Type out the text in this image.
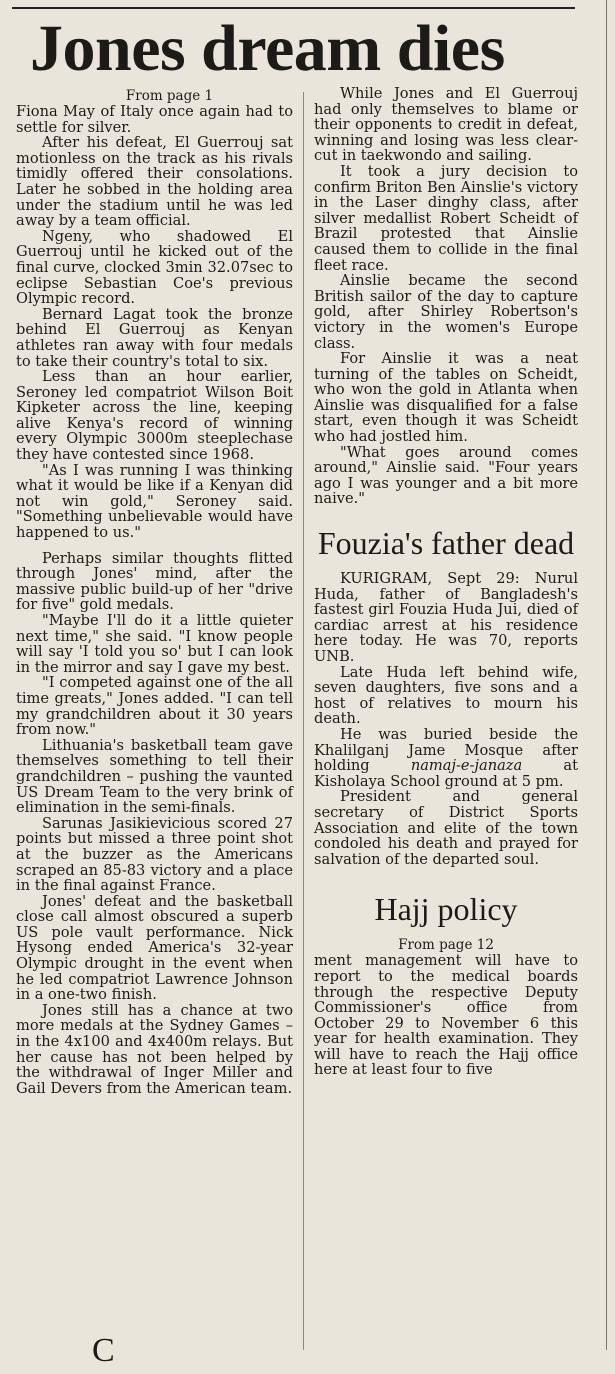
Jones dream dies
From page 1

Fiona May of Italy once again had to settle for silver.

After his defeat, El Guerrouj sat motionless on the track as his rivals timidly offered their consolations. Later he sobbed in the holding area under the stadium until he was led away by a team official.

Ngeny, who shadowed El Guerrouj until he kicked out of the final curve, clocked 3min 32.07sec to eclipse Sebastian Coe's previous Olympic record.

Bernard Lagat took the bronze behind El Guerrouj as Kenyan athletes ran away with four medals to take their country's total to six.

Less than an hour earlier, Seroney led compatriot Wilson Boit Kipketer across the line, keeping alive Kenya's record of winning every Olympic 3000m steeplechase they have contested since 1968.

"As I was running I was thinking what it would be like if a Kenyan did not win gold," Seroney said. "Something unbelievable would have happened to us."

Perhaps similar thoughts flitted through Jones' mind, after the massive public build-up of her "drive for five" gold medals.

"Maybe I'll do it a little quieter next time," she said. "I know people will say 'I told you so' but I can look in the mirror and say I gave my best.

"I competed against one of the all time greats," Jones added. "I can tell my grandchildren about it 30 years from now."

Lithuania's basketball team gave themselves something to tell their grandchildren – pushing the vaunted US Dream Team to the very brink of elimination in the semi-finals.

Sarunas Jasikievicious scored 27 points but missed a three point shot at the buzzer as the Americans scraped an 85-83 victory and a place in the final against France.

Jones' defeat and the basketball close call almost obscured a superb US pole vault performance. Nick Hysong ended America's 32-year Olympic drought in the event when he led compatriot Lawrence Johnson in a one-two finish.

Jones still has a chance at two more medals at the Sydney Games – in the 4x100 and 4x400m relays. But her cause has not been helped by the withdrawal of Inger Miller and Gail Devers from the American team.

While Jones and El Guerrouj had only themselves to blame or their opponents to credit in defeat, winning and losing was less clear-cut in taekwondo and sailing.

It took a jury decision to confirm Briton Ben Ainslie's victory in the Laser dinghy class, after silver medallist Robert Scheidt of Brazil protested that Ainslie caused them to collide in the final fleet race.

Ainslie became the second British sailor of the day to capture gold, after Shirley Robertson's victory in the women's Europe class.

For Ainslie it was a neat turning of the tables on Scheidt, who won the gold in Atlanta when Ainslie was disqualified for a false start, even though it was Scheidt who had jostled him.

"What goes around comes around," Ainslie said. "Four years ago I was younger and a bit more naive."

Fouzia's father dead

KURIGRAM, Sept 29: Nurul Huda, father of Bangladesh's fastest girl Fouzia Huda Jui, died of cardiac arrest at his residence here today. He was 70, reports UNB.

Late Huda left behind wife, seven daughters, five sons and a host of relatives to mourn his death.

He was buried beside the Khalilganj Jame Mosque after holding namaj-e-janaza at Kisholaya School ground at 5 pm.

President and general secretary of District Sports Association and elite of the town condoled his death and prayed for salvation of the departed soul.

Hajj policy
From page 12

ment management will have to report to the medical boards through the respective Deputy Commissioner's office from October 29 to November 6 this year for health examination. They will have to reach the Hajj office here at least four to five

C
